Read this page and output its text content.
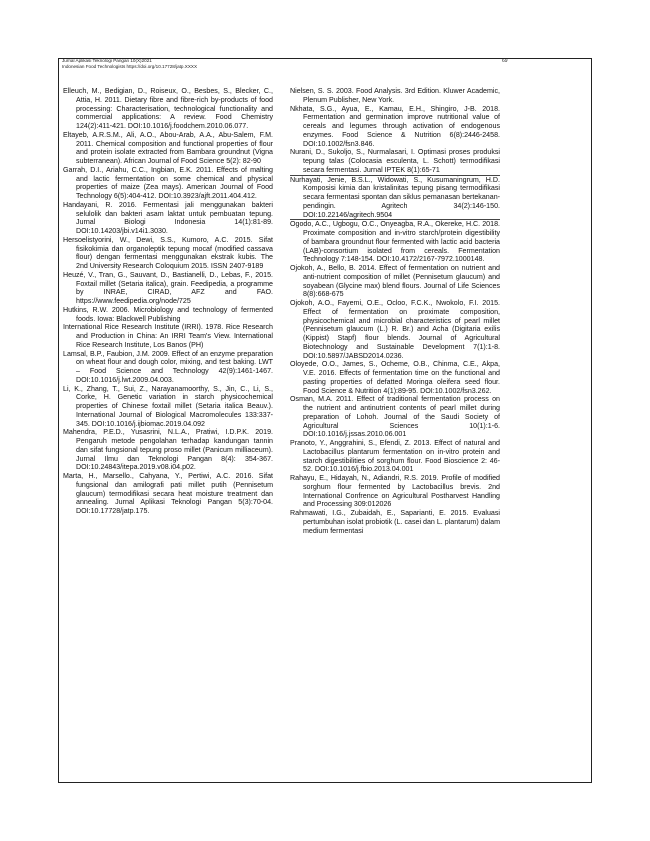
Jurnal Aplikasi Teknologi Pangan 10(X)2021
Indonesian Food Technologists https://doi.org/10.17728/jatp.XXXX
69

Elleuch, M., Bedigian, D., Roiseux, O., Besbes, S., Blecker, C., Attia, H. 2011. Dietary fibre and fibre-rich by-products of food processing: Characterisation, technological functionality and commercial applications: A review. Food Chemistry 124(2):411-421. DOI:10.1016/j.foodchem.2010.06.077.

Eltayeb, A.R.S.M., Ali, A.O., Abou-Arab, A.A., Abu-Salem, F.M. 2011. Chemical composition and functional properties of flour and protein isolate extracted from Bambara groundnut (Vigna subterranean). African Journal of Food Science 5(2): 82-90

Garrah, D.I., Ariahu, C.C., Ingbian, E.K. 2011. Effects of malting and lactic fermentation on some chemical and physical properties of maize (Zea mays). American Journal of Food Technology 6(5):404-412. DOI:10.3923/ajft.2011.404.412.

Handayani, R. 2016. Fermentasi jali menggunakan bakteri selulolik dan bakteri asam laktat untuk pembuatan tepung. Jurnal Biologi Indonesia 14(1):81-89. DOI:10.14203/jbi.v14i1.3030.

Hersoelistyorini, W., Dewi, S.S., Kumoro, A.C. 2015. Sifat fisikokimia dan organoleptik tepung mocaf (modified cassava flour) dengan fermentasi menggunakan ekstrak kubis. The 2nd University Research Coloquium 2015. ISSN 2407-9189

Heuzé, V., Tran, G., Sauvant, D., Bastianelli, D., Lebas, F., 2015. Foxtail millet (Setaria italica), grain. Feedipedia, a programme by INRAE, CIRAD, AFZ and FAO. https://www.feedipedia.org/node/725

Hutkins, R.W. 2006. Microbiology and technology of fermented foods. Iowa: Blackwell Publishing

International Rice Research Institute (IRRI). 1978. Rice Research and Production in China: An IRRI Team's View. International Rice Research Institute, Los Banos (PH)

Lamsal, B.P., Faubion, J.M. 2009. Effect of an enzyme preparation on wheat flour and dough color, mixing, and test baking. LWT – Food Science and Technology 42(9):1461-1467. DOI:10.1016/j.lwt.2009.04.003.

Li, K., Zhang, T., Sui, Z., Narayanamoorthy, S., Jin, C., Li, S., Corke, H. Genetic variation in starch physicochemical properties of Chinese foxtail millet (Setaria italica Beauv.). International Journal of Biological Macromolecules 133:337-345. DOI:10.1016/j.ijbiomac.2019.04.092

Mahendra, P.E.D., Yusasrini, N.L.A., Pratiwi, I.D.P.K. 2019. Pengaruh metode pengolahan terhadap kandungan tannin dan sifat fungsional tepung proso millet (Panicum milliaceum). Jurnal Ilmu dan Teknologi Pangan 8(4): 354-367. DOI:10.24843/itepa.2019.v08.i04.p02.

Marta, H., Marsello., Cahyana, Y., Pertiwi, A.C. 2016. Sifat fungsional dan amilografi pati millet putih (Pennisetum glaucum) termodifikasi secara heat moisture treatment dan annealing. Jurnal Aplikasi Teknologi Pangan 5(3):70-04. DOI:10.17728/jatp.175.

Nielsen, S. S. 2003. Food Analysis. 3rd Edition. Kluwer Academic, Plenum Publisher, New York.

Nkhata, S.G., Ayua, E., Kamau, E.H., Shingiro, J-B. 2018. Fermentation and germination improve nutritional value of cereals and legumes through activation of endogenous enzymes. Food Science & Nutrition 6(8):2446-2458. DOI:10.1002/fsn3.846.

Nurani, D., Sukoljo, S., Nurmalasari, I. Optimasi proses produksi tepung talas (Colocasia esculenta, L. Schott) termodifikasi secara fermentasi. Jurnal IPTEK 8(1):65-71

Nurhayati, Jenie, B.S.L., Widowati, S., Kusumaningrum, H.D. Komposisi kimia dan kristalinitas tepung pisang termodifikasi secara fermentasi spontan dan siklus pemanasan bertekanan-pendingin. Agritech 34(2):146-150. DOI:10.22146/agritech.9504

Ogodo, A.C., Ugbogu, O.C., Onyeagba, R.A., Okereke, H.C. 2018. Proximate composition and in-vitro starch/protein digestibility of bambara groundnut flour fermented with lactic acid bacteria (LAB)-consortium isolated from cereals. Fermentation Technology 7:148-154. DOI:10.4172/2167-7972.1000148.

Ojokoh, A., Bello, B. 2014. Effect of fermentation on nutrient and anti-nutrient composition of millet (Pennisetum glaucum) and soyabean (Glycine max) blend flours. Journal of Life Sciences 8(8):668-675

Ojokoh, A.O., Fayemi, O.E., Ocloo, F.C.K., Nwokolo, F.I. 2015. Effect of fermentation on proximate composition, physicochemical and microbial characteristics of pearl millet (Pennisetum glaucum (L.) R. Br.) and Acha (Digitaria exilis (Kippist) Stapf) flour blends. Journal of Agricultural Biotechnology and Sustainable Development 7(1):1-8. DOI:10.5897/JABSD2014.0236.

Oloyede, O.O., James, S., Ocheme, O.B., Chinma, C.E., Akpa, V.E. 2016. Effects of fermentation time on the functional and pasting properties of defatted Moringa oleifera seed flour. Food Science & Nutrition 4(1):89-95. DOI:10.1002/fsn3.262.

Osman, M.A. 2011. Effect of traditional fermentation process on the nutrient and antinutrient contents of pearl millet during preparation of Lohoh. Journal of the Saudi Society of Agricultural Sciences 10(1):1-6. DOI:10.1016/j.jssas.2010.06.001

Pranoto, Y., Anggrahini, S., Efendi, Z. 2013. Effect of natural and Lactobacillus plantarum fermentation on in-vitro protein and starch digestibilities of sorghum flour. Food Bioscience 2: 46-52. DOI:10.1016/j.fbio.2013.04.001

Rahayu, E., Hidayah, N., Adiandri, R.S. 2019. Profile of modified sorghum flour fermented by Lactobacillus brevis. 2nd International Confrence on Agricultural Postharvest Handling and Processing 309:012026

Rahmawati, I.G., Zubaidah, E., Saparianti, E. 2015. Evaluasi pertumbuhan isolat probiotik (L. casei dan L. plantarum) dalam medium fermentasi
